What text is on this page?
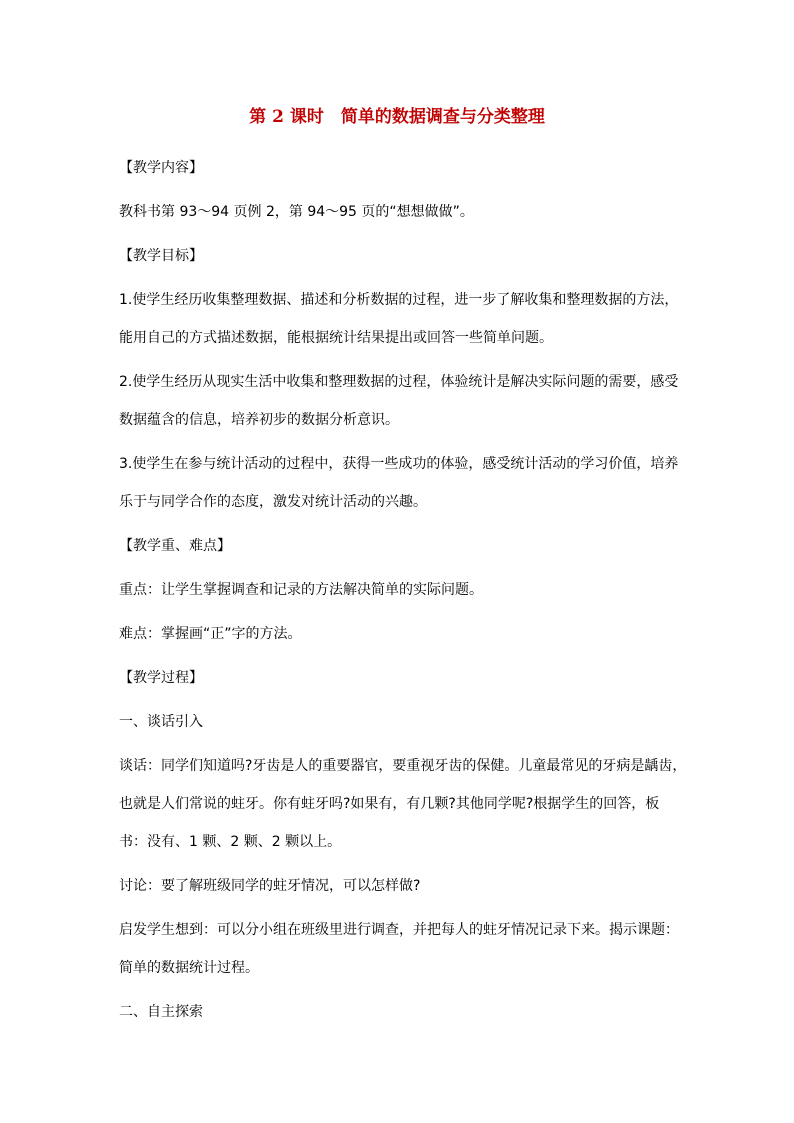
第 2 课时　简单的数据调查与分类整理

【教学内容】

教科书第 93～94 页例 2，第 94～95 页的“想想做做”。

【教学目标】

1.使学生经历收集整理数据、描述和分析数据的过程，进一步了解收集和整理数据的方法，能用自己的方式描述数据，能根据统计结果提出或回答一些简单问题。

2.使学生经历从现实生活中收集和整理数据的过程，体验统计是解决实际问题的需要，感受数据蕴含的信息，培养初步的数据分析意识。

3.使学生在参与统计活动的过程中，获得一些成功的体验，感受统计活动的学习价值，培养乐于与同学合作的态度，激发对统计活动的兴趣。

【教学重、难点】

重点：让学生掌握调查和记录的方法解决简单的实际问题。

难点：掌握画“正”字的方法。

【教学过程】

一、谈话引入

谈话：同学们知道吗?牙齿是人的重要器官，要重视牙齿的保健。儿童最常见的牙病是龋齿，也就是人们常说的蛀牙。你有蛀牙吗?如果有，有几颗?其他同学呢?根据学生的回答，板书：没有、1 颗、2 颗、2 颗以上。

讨论：要了解班级同学的蛀牙情况，可以怎样做?

启发学生想到：可以分小组在班级里进行调查，并把每人的蛀牙情况记录下来。揭示课题：简单的数据统计过程。

二、自主探索
